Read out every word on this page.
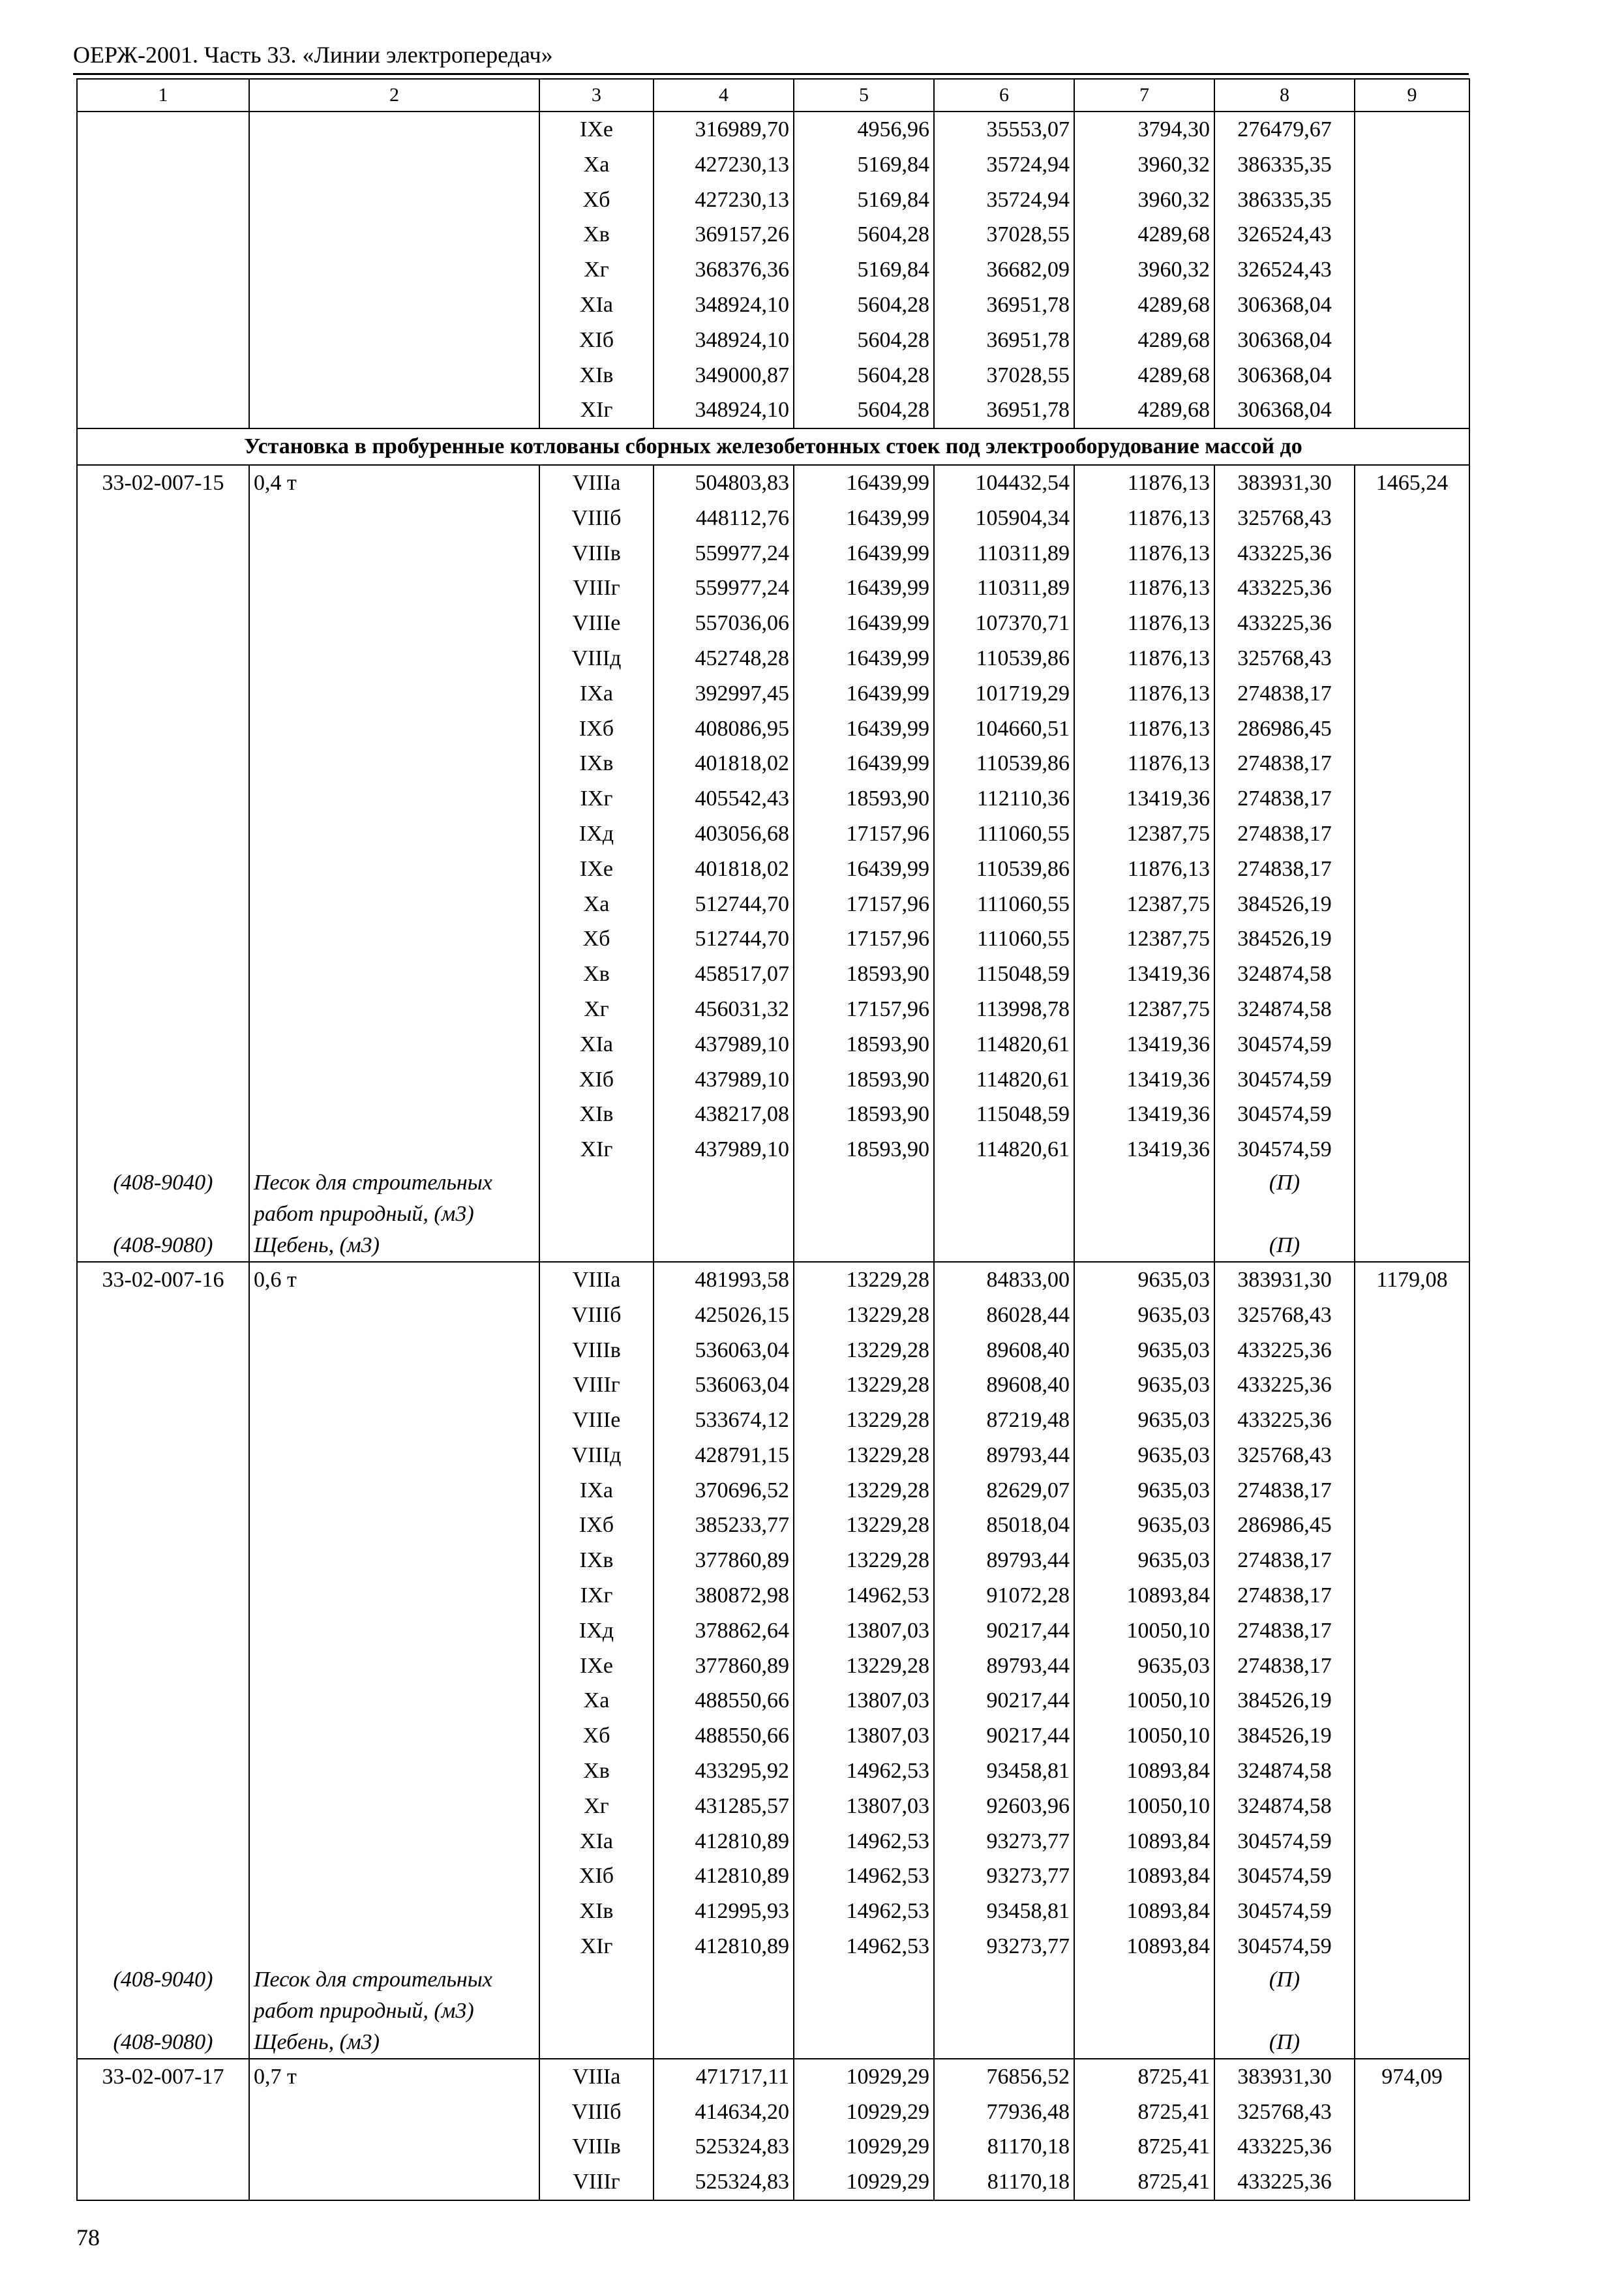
ОЕРЖ-2001. Часть 33. «Линии электропередач»
1	2	3	4	5	6	7	8	9
		IXe	316989,70	4956,96	35553,07	3794,30	276479,67	
		Xa	427230,13	5169,84	35724,94	3960,32	386335,35	
		Xб	427230,13	5169,84	35724,94	3960,32	386335,35	
		Xв	369157,26	5604,28	37028,55	4289,68	326524,43	
		Xг	368376,36	5169,84	36682,09	3960,32	326524,43	
		XIa	348924,10	5604,28	36951,78	4289,68	306368,04	
		XIб	348924,10	5604,28	36951,78	4289,68	306368,04	
		XIв	349000,87	5604,28	37028,55	4289,68	306368,04	
		XIг	348924,10	5604,28	36951,78	4289,68	306368,04	
Установка в пробуренные котлованы сборных железобетонных стоек под электрооборудование массой до								
33-02-007-15	0,4 т	VIIIa	504803,83	16439,99	104432,54	11876,13	383931,30	1465,24
		VIIIб	448112,76	16439,99	105904,34	11876,13	325768,43	
		VIIIв	559977,24	16439,99	110311,89	11876,13	433225,36	
		VIIIг	559977,24	16439,99	110311,89	11876,13	433225,36	
		VIIIe	557036,06	16439,99	107370,71	11876,13	433225,36	
		VIIIд	452748,28	16439,99	110539,86	11876,13	325768,43	
		IXa	392997,45	16439,99	101719,29	11876,13	274838,17	
		IXб	408086,95	16439,99	104660,51	11876,13	286986,45	
		IXв	401818,02	16439,99	110539,86	11876,13	274838,17	
		IXг	405542,43	18593,90	112110,36	13419,36	274838,17	
		IXд	403056,68	17157,96	111060,55	12387,75	274838,17	
		IXe	401818,02	16439,99	110539,86	11876,13	274838,17	
		Xa	512744,70	17157,96	111060,55	12387,75	384526,19	
		Xб	512744,70	17157,96	111060,55	12387,75	384526,19	
		Xв	458517,07	18593,90	115048,59	13419,36	324874,58	
		Xг	456031,32	17157,96	113998,78	12387,75	324874,58	
		XIa	437989,10	18593,90	114820,61	13419,36	304574,59	
		XIб	437989,10	18593,90	114820,61	13419,36	304574,59	
		XIв	438217,08	18593,90	115048,59	13419,36	304574,59	
		XIг	437989,10	18593,90	114820,61	13419,36	304574,59	
(408-9040)	Песок для строительных						(П)	
	работ природный, (м3)							
(408-9080)	Щебень, (м3)						(П)	
33-02-007-16	0,6 т	VIIIa	481993,58	13229,28	84833,00	9635,03	383931,30	1179,08
		VIIIб	425026,15	13229,28	86028,44	9635,03	325768,43	
		VIIIв	536063,04	13229,28	89608,40	9635,03	433225,36	
		VIIIг	536063,04	13229,28	89608,40	9635,03	433225,36	
		VIIIe	533674,12	13229,28	87219,48	9635,03	433225,36	
		VIIIд	428791,15	13229,28	89793,44	9635,03	325768,43	
		IXa	370696,52	13229,28	82629,07	9635,03	274838,17	
		IXб	385233,77	13229,28	85018,04	9635,03	286986,45	
		IXв	377860,89	13229,28	89793,44	9635,03	274838,17	
		IXг	380872,98	14962,53	91072,28	10893,84	274838,17	
		IXд	378862,64	13807,03	90217,44	10050,10	274838,17	
		IXe	377860,89	13229,28	89793,44	9635,03	274838,17	
		Xa	488550,66	13807,03	90217,44	10050,10	384526,19	
		Xб	488550,66	13807,03	90217,44	10050,10	384526,19	
		Xв	433295,92	14962,53	93458,81	10893,84	324874,58	
		Xг	431285,57	13807,03	92603,96	10050,10	324874,58	
		XIa	412810,89	14962,53	93273,77	10893,84	304574,59	
		XIб	412810,89	14962,53	93273,77	10893,84	304574,59	
		XIв	412995,93	14962,53	93458,81	10893,84	304574,59	
		XIг	412810,89	14962,53	93273,77	10893,84	304574,59	
(408-9040)	Песок для строительных						(П)	
	работ природный, (м3)							
(408-9080)	Щебень, (м3)						(П)	
33-02-007-17	0,7 т	VIIIa	471717,11	10929,29	76856,52	8725,41	383931,30	974,09
		VIIIб	414634,20	10929,29	77936,48	8725,41	325768,43	
		VIIIв	525324,83	10929,29	81170,18	8725,41	433225,36	
		VIIIг	525324,83	10929,29	81170,18	8725,41	433225,36	
78
